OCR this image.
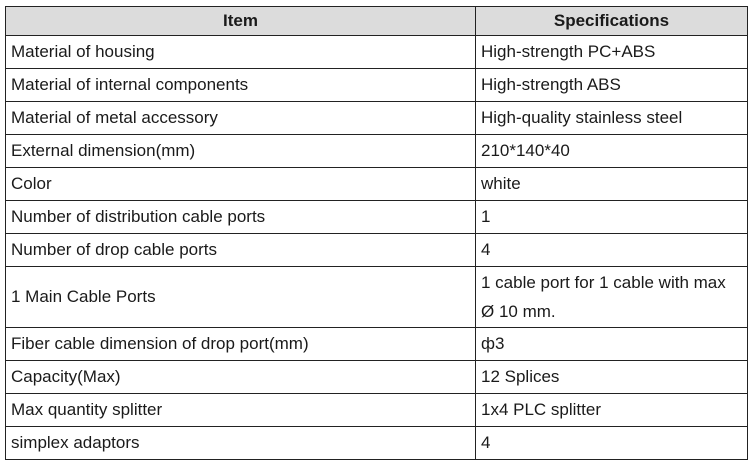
Item	Specifications
Material of housing	High-strength PC+ABS
Material of internal components	High-strength ABS
Material of metal accessory	High-quality stainless steel
External dimension(mm)	210*140*40
Color	white
Number of distribution cable ports	1
Number of drop cable ports	4
1 Main Cable Ports	1 cable port for 1 cable with max Ø 10 mm.
Fiber cable dimension of drop port(mm)	ф3
Capacity(Max)	12 Splices
Max quantity splitter	1x4 PLC splitter
simplex adaptors	4
